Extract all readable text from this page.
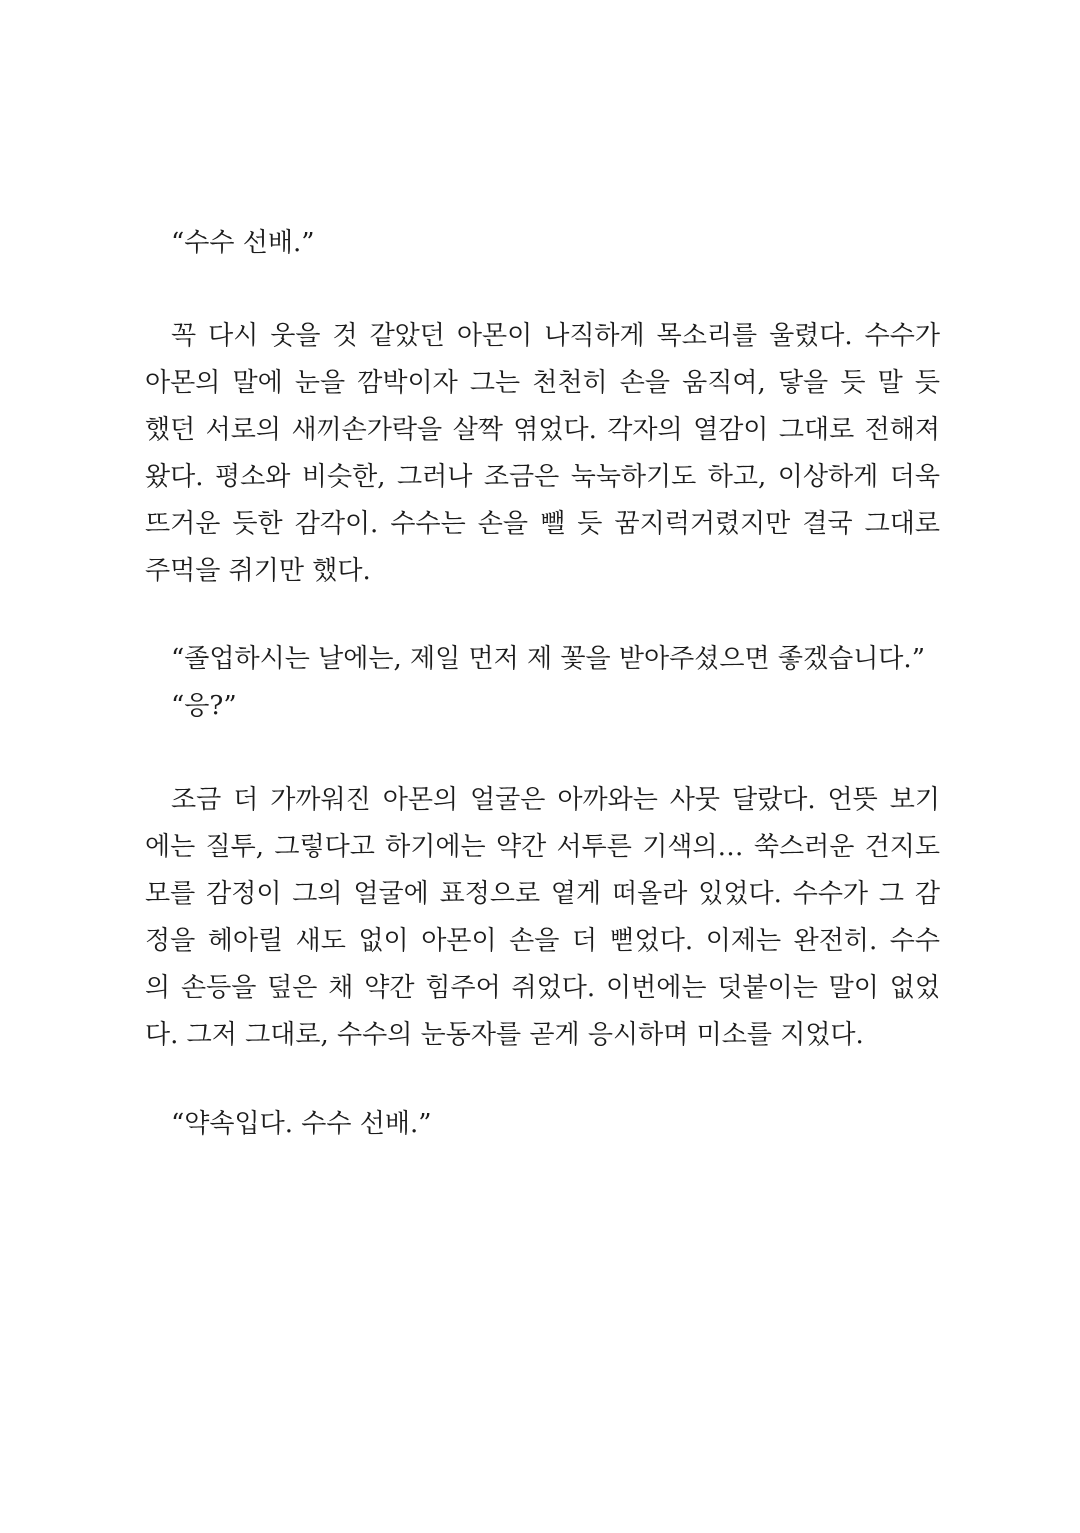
“수수 선배.”

꼭 다시 웃을 것 같았던 아몬이 나직하게 목소리를 울렸다. 수수가
아몬의 말에 눈을 깜박이자 그는 천천히 손을 움직여, 닿을 듯 말 듯
했던 서로의 새끼손가락을 살짝 엮었다. 각자의 열감이 그대로 전해져
왔다. 평소와 비슷한, 그러나 조금은 눅눅하기도 하고, 이상하게 더욱
뜨거운 듯한 감각이. 수수는 손을 뺄 듯 꿈지럭거렸지만 결국 그대로
주먹을 쥐기만 했다.

“졸업하시는 날에는, 제일 먼저 제 꽃을 받아주셨으면 좋겠습니다.”

“응?”

조금 더 가까워진 아몬의 얼굴은 아까와는 사뭇 달랐다. 언뜻 보기
에는 질투, 그렇다고 하기에는 약간 서투른 기색의… 쑥스러운 건지도
모를 감정이 그의 얼굴에 표정으로 옅게 떠올라 있었다. 수수가 그 감
정을 헤아릴 새도 없이 아몬이 손을 더 뻗었다. 이제는 완전히. 수수
의 손등을 덮은 채 약간 힘주어 쥐었다. 이번에는 덧붙이는 말이 없었
다. 그저 그대로, 수수의 눈동자를 곧게 응시하며 미소를 지었다.

“약속입다. 수수 선배.”
